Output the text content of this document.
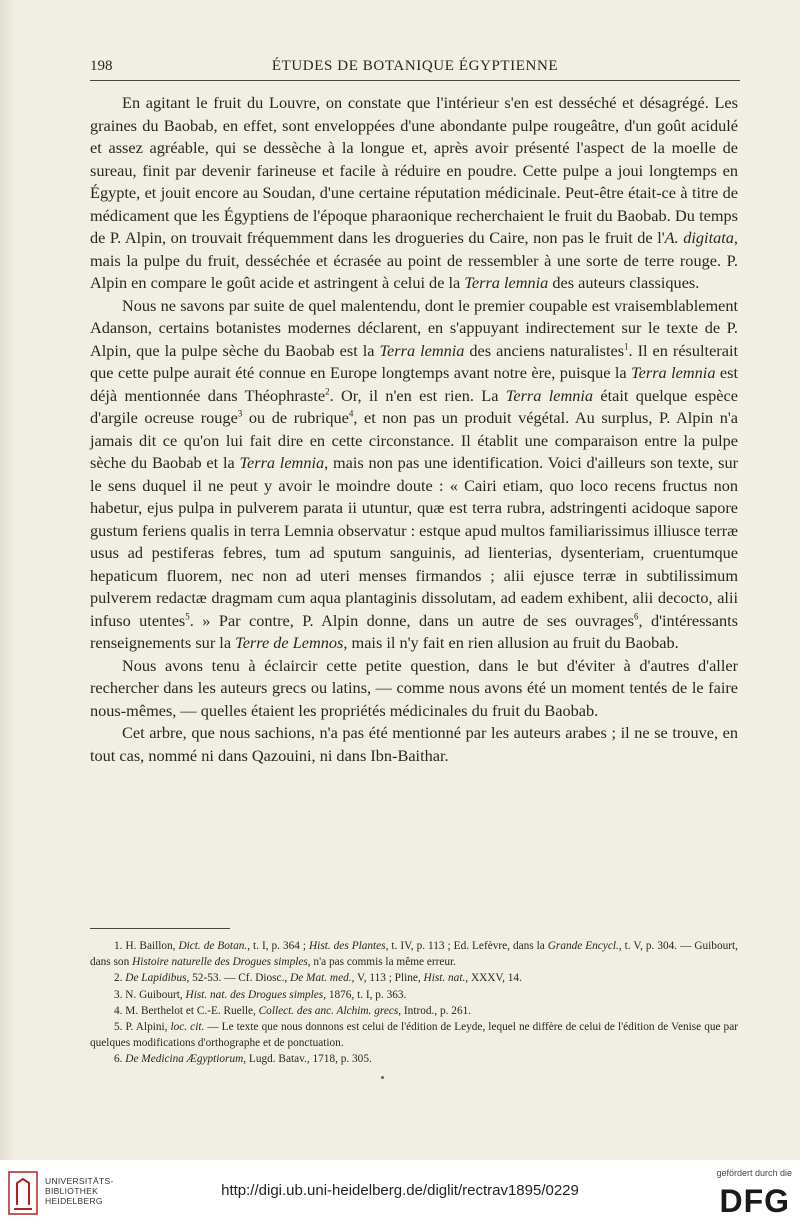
198	ÉTUDES DE BOTANIQUE ÉGYPTIENNE

En agitant le fruit du Louvre, on constate que l'intérieur s'en est desséché et désagrégé. Les graines du Baobab, en effet, sont enveloppées d'une abondante pulpe rougeâtre, d'un goût acidulé et assez agréable, qui se dessèche à la longue et, après avoir présenté l'aspect de la moelle de sureau, finit par devenir farineuse et facile à réduire en poudre. Cette pulpe a joui longtemps en Égypte, et jouit encore au Soudan, d'une certaine réputation médicinale. Peut-être était-ce à titre de médicament que les Égyptiens de l'époque pharaonique recherchaient le fruit du Baobab. Du temps de P. Alpin, on trouvait fréquemment dans les drogueries du Caire, non pas le fruit de l'A. digitata, mais la pulpe du fruit, desséchée et écrasée au point de ressembler à une sorte de terre rouge. P. Alpin en compare le goût acide et astringent à celui de la Terra lemnia des auteurs classiques.

Nous ne savons par suite de quel malentendu, dont le premier coupable est vraisemblablement Adanson, certains botanistes modernes déclarent, en s'appuyant indirectement sur le texte de P. Alpin, que la pulpe sèche du Baobab est la Terra lemnia des anciens naturalistes$^1$. Il en résulterait que cette pulpe aurait été connue en Europe longtemps avant notre ère, puisque la Terra lemnia est déjà mentionnée dans Théophraste$^2$. Or, il n'en est rien. La Terra lemnia était quelque espèce d'argile ocreuse rouge$^3$ ou de rubrique$^4$, et non pas un produit végétal. Au surplus, P. Alpin n'a jamais dit ce qu'on lui fait dire en cette circonstance. Il établit une comparaison entre la pulpe sèche du Baobab et la Terra lemnia, mais non pas une identification. Voici d'ailleurs son texte, sur le sens duquel il ne peut y avoir le moindre doute : « Cairi etiam, quo loco recens fructus non habetur, ejus pulpa in pulverem parata ii utuntur, quæ est terra rubra, adstringenti acidoque sapore gustum feriens qualis in terra Lemnia observatur : estque apud multos familiarissimus illiusce terræ usus ad pestiferas febres, tum ad sputum sanguinis, ad lienterias, dysenteriam, cruentumque hepaticum fluorem, nec non ad uteri menses firmandos ; alii ejusce terræ in subtilissimum pulverem redactæ dragmam cum aqua plantaginis dissolutam, ad eadem exhibent, alii decocto, alii infuso utentes$^5$. » Par contre, P. Alpin donne, dans un autre de ses ouvrages$^6$, d'intéressants renseignements sur la Terre de Lemnos, mais il n'y fait en rien allusion au fruit du Baobab.

Nous avons tenu à éclaircir cette petite question, dans le but d'éviter à d'autres d'aller rechercher dans les auteurs grecs ou latins, — comme nous avons été un moment tentés de le faire nous-mêmes, — quelles étaient les propriétés médicinales du fruit du Baobab.

Cet arbre, que nous sachions, n'a pas été mentionné par les auteurs arabes ; il ne se trouve, en tout cas, nommé ni dans Qazouini, ni dans Ibn-Baithar.

1. H. Baillon, Dict. de Botan., t. I, p. 364 ; Hist. des Plantes, t. IV, p. 113 ; Ed. Lefèvre, dans la Grande Encycl., t. V, p. 304. — Guibourt, dans son Histoire naturelle des Drogues simples, n'a pas commis la même erreur.

2. De Lapidibus, 52-53. — Cf. Diosc., De Mat. med., V, 113 ; Pline, Hist. nat., XXXV, 14.

3. N. Guibourt, Hist. nat. des Drogues simples, 1876, t. I, p. 363.

4. M. Berthelot et C.-E. Ruelle, Collect. des anc. Alchim. grecs, Introd., p. 261.

5. P. Alpini, loc. cit. — Le texte que nous donnons est celui de l'édition de Leyde, lequel ne diffère de celui de l'édition de Venise que par quelques modifications d'orthographe et de ponctuation.

6. De Medicina Ægyptiorum, Lugd. Batav., 1718, p. 305.

UNIVERSITÄTS-
BIBLIOTHEK
HEIDELBERG
http://digi.ub.uni-heidelberg.de/diglit/rectrav1895/0229
gefördert durch die
DFG
